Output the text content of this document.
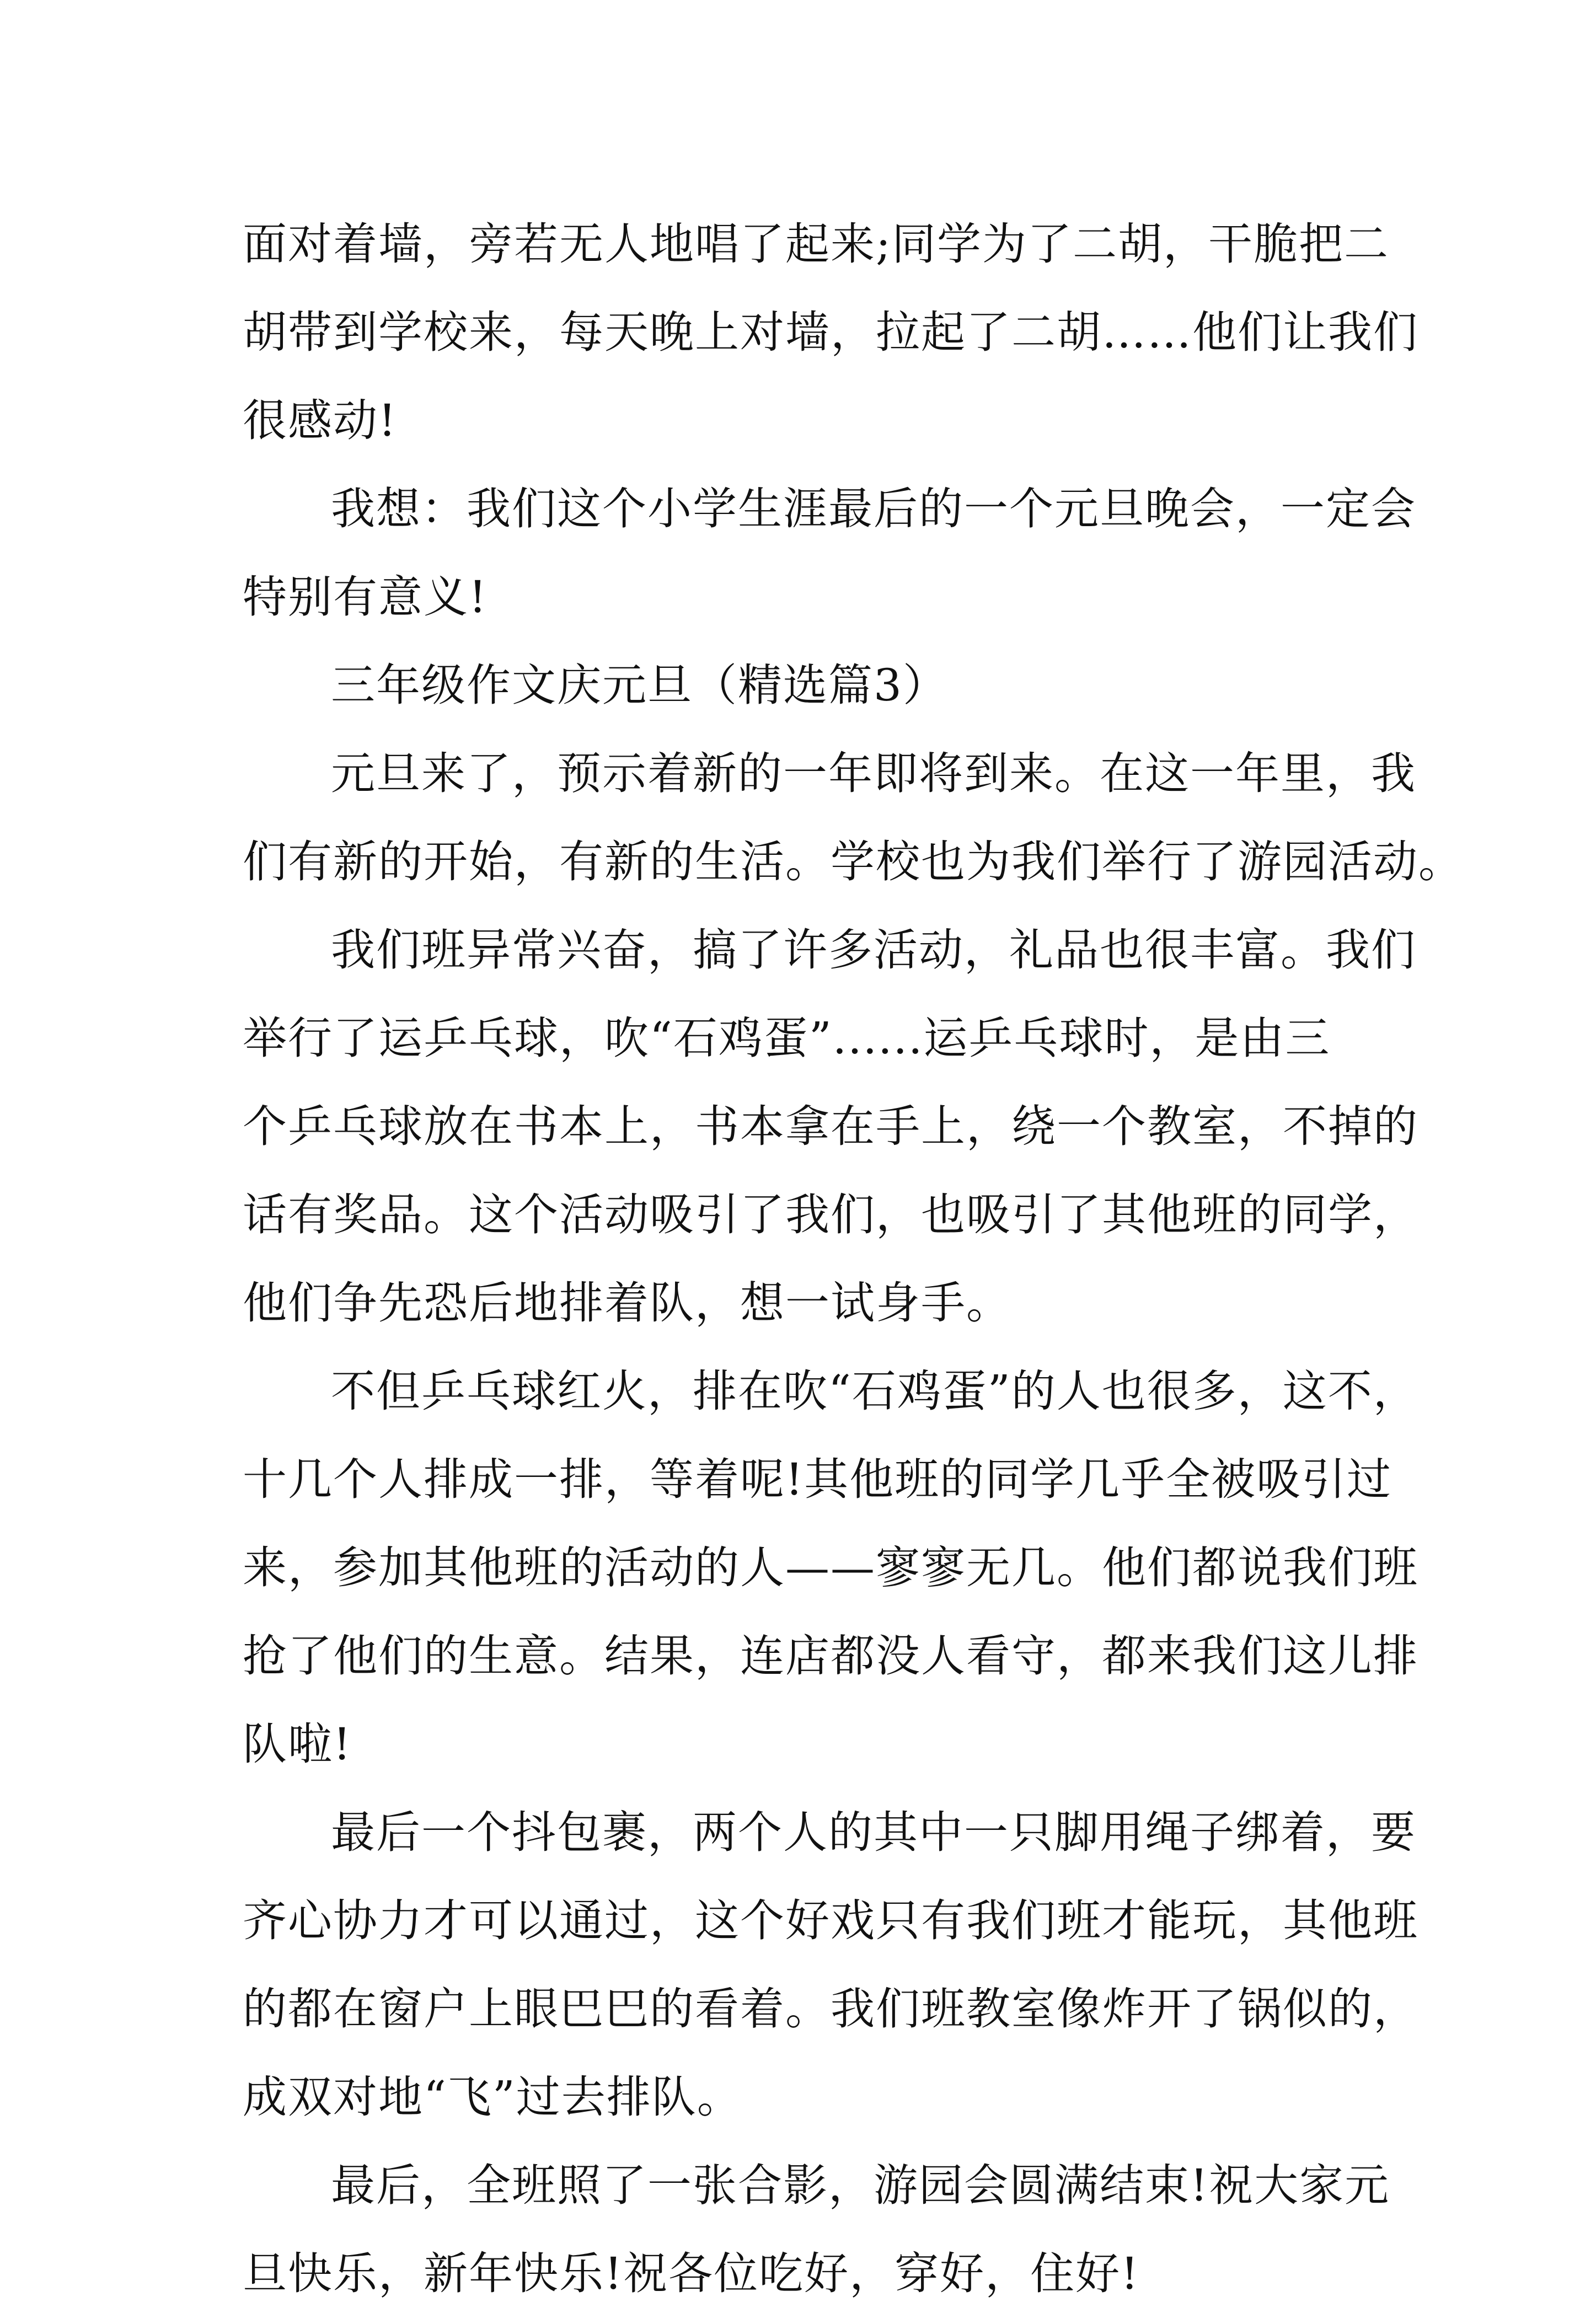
面对着墙，旁若无人地唱了起来;同学为了二胡，干脆把二

胡带到学校来，每天晚上对墙，拉起了二胡……他们让我们

很感动!

我想：我们这个小学生涯最后的一个元旦晚会，一定会

特别有意义!

三年级作文庆元旦（精选篇3）

元旦来了，预示着新的一年即将到来。在这一年里，我

们有新的开始，有新的生活。学校也为我们举行了游园活动。

我们班异常兴奋，搞了许多活动，礼品也很丰富。我们

举行了运乒乓球，吹“石鸡蛋”......运乒乓球时，是由三

个乒乓球放在书本上，书本拿在手上，绕一个教室，不掉的

话有奖品。这个活动吸引了我们，也吸引了其他班的同学，

他们争先恐后地排着队，想一试身手。

不但乒乓球红火，排在吹“石鸡蛋”的人也很多，这不，

十几个人排成一排，等着呢!其他班的同学几乎全被吸引过

来，参加其他班的活动的人——寥寥无几。他们都说我们班

抢了他们的生意。结果，连店都没人看守，都来我们这儿排

队啦!

最后一个抖包裹，两个人的其中一只脚用绳子绑着，要

齐心协力才可以通过，这个好戏只有我们班才能玩，其他班

的都在窗户上眼巴巴的看着。我们班教室像炸开了锅似的，

成双对地“飞”过去排队。

最后，全班照了一张合影，游园会圆满结束!祝大家元

旦快乐，新年快乐!祝各位吃好，穿好，住好!
